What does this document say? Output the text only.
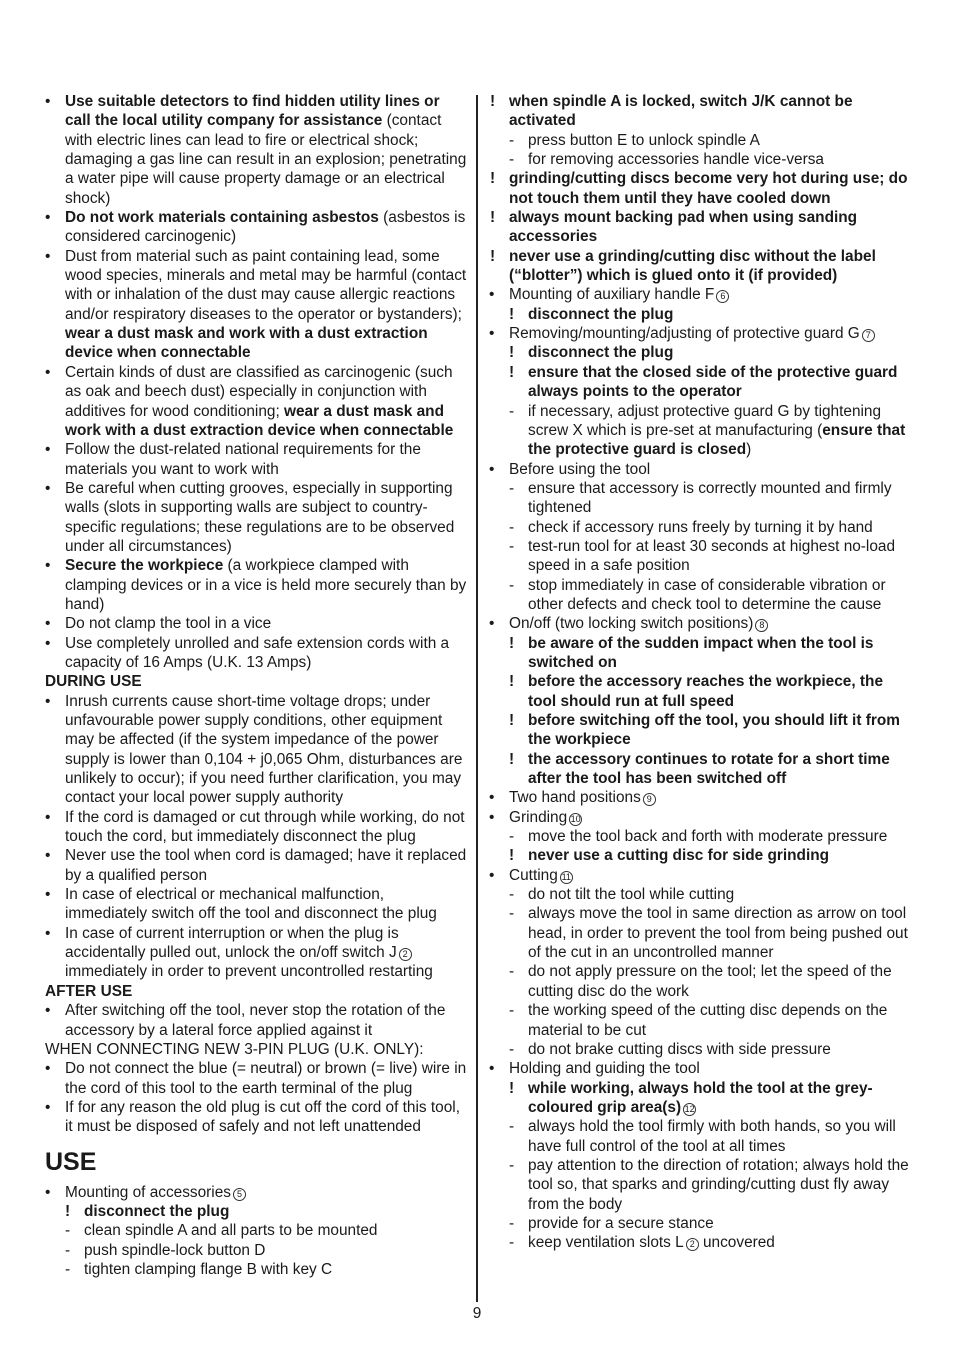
• Use suitable detectors to find hidden utility lines or call the local utility company for assistance (contact with electric lines can lead to fire or electrical shock; damaging a gas line can result in an explosion; penetrating a water pipe will cause property damage or an electrical shock)
• Do not work materials containing asbestos (asbestos is considered carcinogenic)
• Dust from material such as paint containing lead, some wood species, minerals and metal may be harmful (contact with or inhalation of the dust may cause allergic reactions and/or respiratory diseases to the operator or bystanders); wear a dust mask and work with a dust extraction device when connectable
• Certain kinds of dust are classified as carcinogenic (such as oak and beech dust) especially in conjunction with additives for wood conditioning; wear a dust mask and work with a dust extraction device when connectable
• Follow the dust-related national requirements for the materials you want to work with
• Be careful when cutting grooves, especially in supporting walls (slots in supporting walls are subject to country-specific regulations; these regulations are to be observed under all circumstances)
• Secure the workpiece (a workpiece clamped with clamping devices or in a vice is held more securely than by hand)
• Do not clamp the tool in a vice
• Use completely unrolled and safe extension cords with a capacity of 16 Amps (U.K. 13 Amps)
DURING USE
• Inrush currents cause short-time voltage drops; under unfavourable power supply conditions, other equipment may be affected (if the system impedance of the power supply is lower than 0,104 + j0,065 Ohm, disturbances are unlikely to occur); if you need further clarification, you may contact your local power supply authority
• If the cord is damaged or cut through while working, do not touch the cord, but immediately disconnect the plug
• Never use the tool when cord is damaged; have it replaced by a qualified person
• In case of electrical or mechanical malfunction, immediately switch off the tool and disconnect the plug
• In case of current interruption or when the plug is accidentally pulled out, unlock the on/off switch J 2 immediately in order to prevent uncontrolled restarting
AFTER USE
• After switching off the tool, never stop the rotation of the accessory by a lateral force applied against it
WHEN CONNECTING NEW 3-PIN PLUG (U.K. ONLY):
• Do not connect the blue (= neutral) or brown (= live) wire in the cord of this tool to the earth terminal of the plug
• If for any reason the old plug is cut off the cord of this tool, it must be disposed of safely and not left unattended
USE
• Mounting of accessories 5
! disconnect the plug
- clean spindle A and all parts to be mounted
- push spindle-lock button D
- tighten clamping flange B with key C
! when spindle A is locked, switch J/K cannot be activated
- press button E to unlock spindle A
- for removing accessories handle vice-versa
! grinding/cutting discs become very hot during use; do not touch them until they have cooled down
! always mount backing pad when using sanding accessories
! never use a grinding/cutting disc without the label (“blotter”) which is glued onto it (if provided)
• Mounting of auxiliary handle F 6
! disconnect the plug
• Removing/mounting/adjusting of protective guard G 7
! disconnect the plug
! ensure that the closed side of the protective guard always points to the operator
- if necessary, adjust protective guard G by tightening screw X which is pre-set at manufacturing (ensure that the protective guard is closed)
• Before using the tool
- ensure that accessory is correctly mounted and firmly tightened
- check if accessory runs freely by turning it by hand
- test-run tool for at least 30 seconds at highest no-load speed in a safe position
- stop immediately in case of considerable vibration or other defects and check tool to determine the cause
• On/off (two locking switch positions) 8
! be aware of the sudden impact when the tool is switched on
! before the accessory reaches the workpiece, the tool should run at full speed
! before switching off the tool, you should lift it from the workpiece
! the accessory continues to rotate for a short time after the tool has been switched off
• Two hand positions 9
• Grinding 10
- move the tool back and forth with moderate pressure
! never use a cutting disc for side grinding
• Cutting 11
- do not tilt the tool while cutting
- always move the tool in same direction as arrow on tool head, in order to prevent the tool from being pushed out of the cut in an uncontrolled manner
- do not apply pressure on the tool; let the speed of the cutting disc do the work
- the working speed of the cutting disc depends on the material to be cut
- do not brake cutting discs with side pressure
• Holding and guiding the tool
! while working, always hold the tool at the grey-coloured grip area(s) 12
- always hold the tool firmly with both hands, so you will have full control of the tool at all times
- pay attention to the direction of rotation; always hold the tool so, that sparks and grinding/cutting dust fly away from the body
- provide for a secure stance
- keep ventilation slots L 2 uncovered
9
